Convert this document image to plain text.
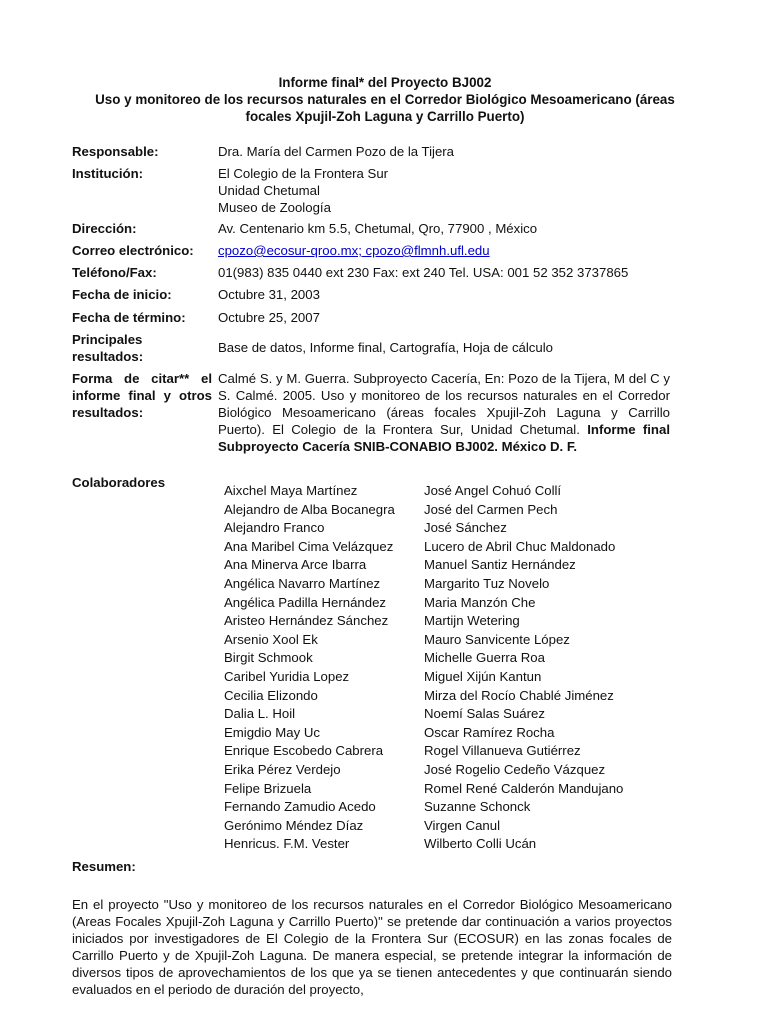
Informe final* del Proyecto BJ002
Uso y monitoreo de los recursos naturales en el Corredor Biológico Mesoamericano (áreas
focales Xpujil-Zoh Laguna y Carrillo Puerto)
Responsable:	Dra. María del Carmen Pozo de la Tijera
Institución:	El Colegio de la Frontera Sur
Unidad Chetumal
Museo de Zoología
Dirección:	Av. Centenario km 5.5, Chetumal, Qro, 77900 , México
Correo electrónico:	cpozo@ecosur-qroo.mx; cpozo@flmnh.ufl.edu
Teléfono/Fax:	01(983) 835 0440 ext 230 Fax: ext 240 Tel. USA: 001 52 352 3737865
Fecha de inicio:	Octubre 31, 2003
Fecha de término:	Octubre 25, 2007
Principales
resultados:
Base de datos, Informe final, Cartografía, Hoja de cálculo
Forma de citar** el informe final y otros resultados:
Calmé S. y M. Guerra. Subproyecto Cacería, En: Pozo de la Tijera, M del C y S. Calmé. 2005. Uso y monitoreo de los recursos naturales en el Corredor Biológico Mesoamericano (áreas focales Xpujil-Zoh Laguna y Carrillo Puerto). El Colegio de la Frontera Sur, Unidad Chetumal. Informe final Subproyecto Cacería SNIB-CONABIO BJ002. México D. F.
Colaboradores
Aixchel Maya Martínez
Alejandro de Alba Bocanegra
Alejandro Franco
Ana Maribel Cima Velázquez
Ana Minerva Arce Ibarra
Angélica Navarro Martínez
Angélica Padilla Hernández
Aristeo Hernández Sánchez
Arsenio Xool Ek
Birgit Schmook
Caribel Yuridia Lopez
Cecilia Elizondo
Dalia L. Hoil
Emigdio May Uc
Enrique Escobedo Cabrera
Erika Pérez Verdejo
Felipe Brizuela
Fernando Zamudio Acedo
Gerónimo Méndez Díaz
Henricus. F.M. Vester
José Angel Cohuó Collí
José del Carmen Pech
José Sánchez
Lucero de Abril Chuc Maldonado
Manuel Santiz Hernández
Margarito Tuz Novelo
Maria Manzón Che
Martijn Wetering
Mauro Sanvicente López
Michelle Guerra Roa
Miguel Xijún Kantun
Mirza del Rocío Chablé Jiménez
Noemí Salas Suárez
Oscar Ramírez Rocha
Rogel Villanueva Gutiérrez
José Rogelio Cedeño Vázquez
Romel René Calderón Mandujano
Suzanne Schonck
Virgen Canul
Wilberto Colli Ucán
Resumen:
En el proyecto "Uso y monitoreo de los recursos naturales en el Corredor Biológico Mesoamericano (Areas Focales Xpujil-Zoh Laguna y Carrillo Puerto)" se pretende dar continuación a varios proyectos iniciados por investigadores de El Colegio de la Frontera Sur (ECOSUR) en las zonas focales de Carrillo Puerto y de Xpujil-Zoh Laguna. De manera especial, se pretende integrar la información de diversos tipos de aprovechamientos de los que ya se tienen antecedentes y que continuarán siendo evaluados en el periodo de duración del proyecto,
